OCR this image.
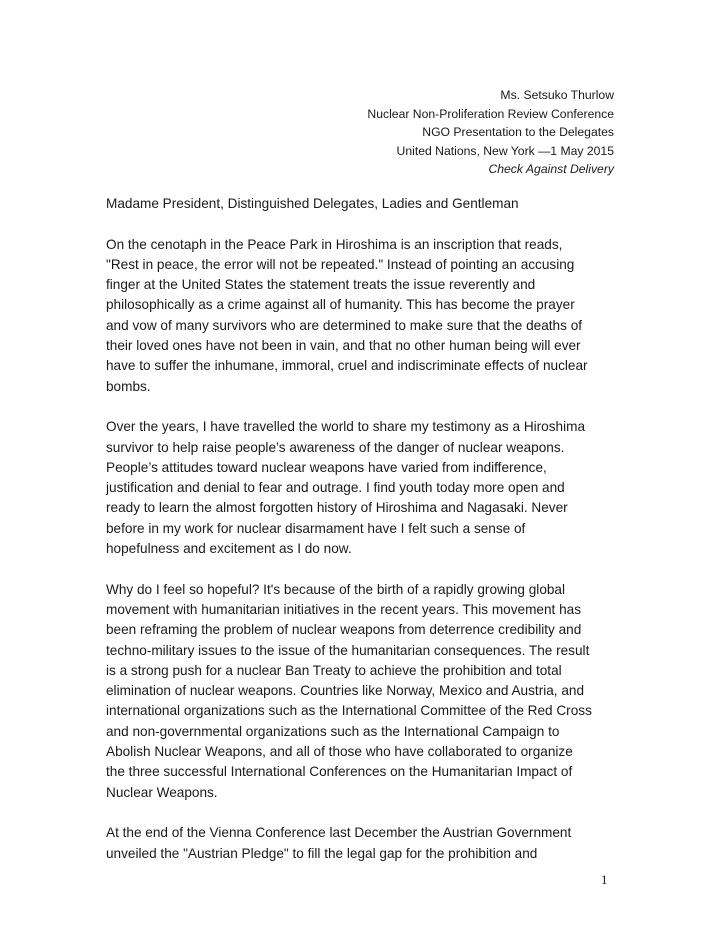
Ms. Setsuko Thurlow
Nuclear Non-Proliferation Review Conference
NGO Presentation to the Delegates
United Nations, New York —1 May 2015
Check Against Delivery

Madame President, Distinguished Delegates, Ladies and Gentleman

On the cenotaph in the Peace Park in Hiroshima is an inscription that reads,
"Rest in peace, the error will not be repeated." Instead of pointing an accusing
finger at the United States the statement treats the issue reverently and
philosophically as a crime against all of humanity. This has become the prayer
and vow of many survivors who are determined to make sure that the deaths of
their loved ones have not been in vain, and that no other human being will ever
have to suffer the inhumane, immoral, cruel and indiscriminate effects of nuclear
bombs.

Over the years, I have travelled the world to share my testimony as a Hiroshima
survivor to help raise people’s awareness of the danger of nuclear weapons.
People’s attitudes toward nuclear weapons have varied from indifference,
justification and denial to fear and outrage. I find youth today more open and
ready to learn the almost forgotten history of Hiroshima and Nagasaki. Never
before in my work for nuclear disarmament have I felt such a sense of
hopefulness and excitement as I do now.

Why do I feel so hopeful? It's because of the birth of a rapidly growing global
movement with humanitarian initiatives in the recent years. This movement has
been reframing the problem of nuclear weapons from deterrence credibility and
techno-military issues to the issue of the humanitarian consequences. The result
is a strong push for a nuclear Ban Treaty to achieve the prohibition and total
elimination of nuclear weapons. Countries like Norway, Mexico and Austria, and
international organizations such as the International Committee of the Red Cross
and non-governmental organizations such as the International Campaign to
Abolish Nuclear Weapons, and all of those who have collaborated to organize
the three successful International Conferences on the Humanitarian Impact of
Nuclear Weapons.

At the end of the Vienna Conference last December the Austrian Government
unveiled the "Austrian Pledge" to fill the legal gap for the prohibition and

1
